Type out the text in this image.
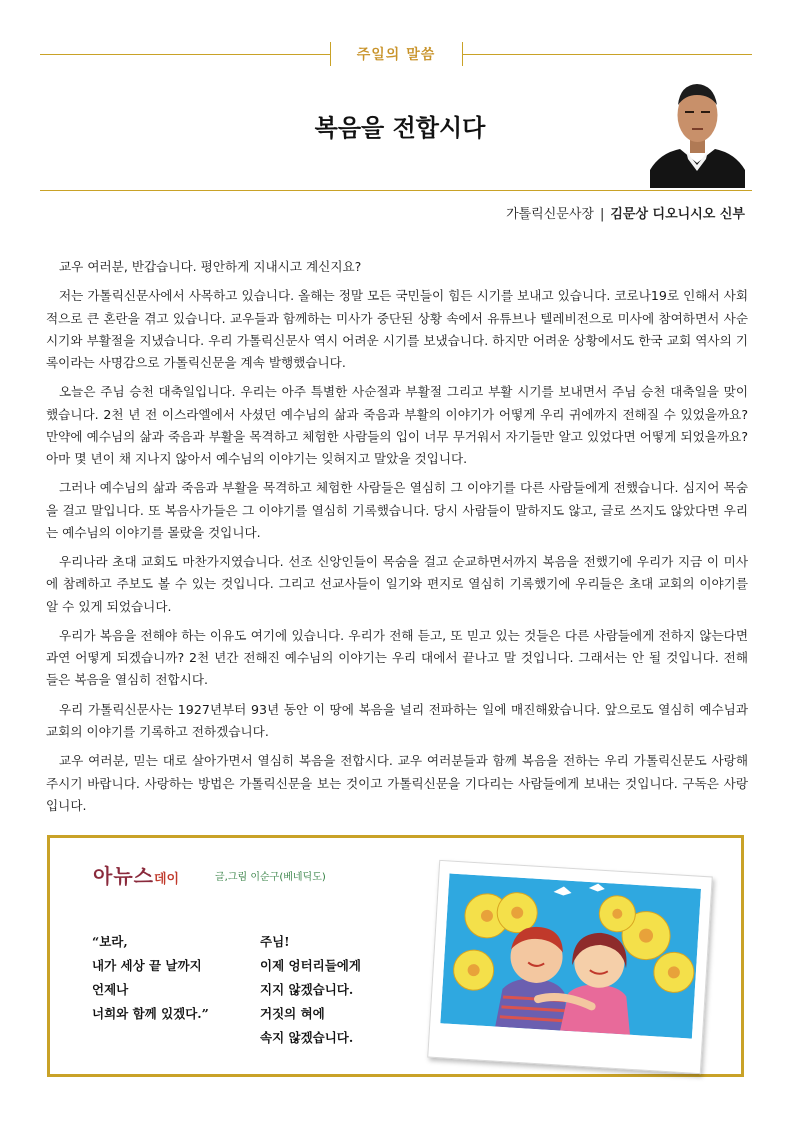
주일의 말씀
복음을 전합시다
가톨릭신문사장 | 김문상 디오니시오 신부

교우 여러분, 반갑습니다. 평안하게 지내시고 계신지요?

저는 가톨릭신문사에서 사목하고 있습니다. 올해는 정말 모든 국민들이 힘든 시기를 보내고 있습니다. 코로나19로 인해서 사회적으로 큰 혼란을 겪고 있습니다. 교우들과 함께하는 미사가 중단된 상황 속에서 유튜브나 텔레비전으로 미사에 참여하면서 사순 시기와 부활절을 지냈습니다. 우리 가톨릭신문사 역시 어려운 시기를 보냈습니다. 하지만 어려운 상황에서도 한국 교회 역사의 기록이라는 사명감으로 가톨릭신문을 계속 발행했습니다.

오늘은 주님 승천 대축일입니다. 우리는 아주 특별한 사순절과 부활절 그리고 부활 시기를 보내면서 주님 승천 대축일을 맞이 했습니다. 2천 년 전 이스라엘에서 사셨던 예수님의 삶과 죽음과 부활의 이야기가 어떻게 우리 귀에까지 전해질 수 있었을까요? 만약에 예수님의 삶과 죽음과 부활을 목격하고 체험한 사람들의 입이 너무 무거워서 자기들만 알고 있었다면 어떻게 되었을까요? 아마 몇 년이 채 지나지 않아서 예수님의 이야기는 잊혀지고 말았을 것입니다.

그러나 예수님의 삶과 죽음과 부활을 목격하고 체험한 사람들은 열심히 그 이야기를 다른 사람들에게 전했습니다. 심지어 목숨을 걸고 말입니다. 또 복음사가들은 그 이야기를 열심히 기록했습니다. 당시 사람들이 말하지도 않고, 글로 쓰지도 않았다면 우리는 예수님의 이야기를 몰랐을 것입니다.

우리나라 초대 교회도 마찬가지였습니다. 선조 신앙인들이 목숨을 걸고 순교하면서까지 복음을 전했기에 우리가 지금 이 미사에 참례하고 주보도 볼 수 있는 것입니다. 그리고 선교사들이 일기와 편지로 열심히 기록했기에 우리들은 초대 교회의 이야기를 알 수 있게 되었습니다.

우리가 복음을 전해야 하는 이유도 여기에 있습니다. 우리가 전해 듣고, 또 믿고 있는 것들은 다른 사람들에게 전하지 않는다면 과연 어떻게 되겠습니까? 2천 년간 전해진 예수님의 이야기는 우리 대에서 끝나고 말 것입니다. 그래서는 안 될 것입니다. 전해 들은 복음을 열심히 전합시다.

우리 가톨릭신문사는 1927년부터 93년 동안 이 땅에 복음을 널리 전파하는 일에 매진해왔습니다. 앞으로도 열심히 예수님과 교회의 이야기를 기록하고 전하겠습니다.

교우 여러분, 믿는 대로 살아가면서 열심히 복음을 전합시다. 교우 여러분들과 함께 복음을 전하는 우리 가톨릭신문도 사랑해 주시기 바랍니다. 사랑하는 방법은 가톨릭신문을 보는 것이고 가톨릭신문을 기다리는 사람들에게 보내는 것입니다. 구독은 사랑입니다.

아뉴스데이	글,그림 이순구(베네딕도)
“보라,
내가 세상 끝 날까지
언제나
너희와 함께 있겠다.”
주님!
이제 엉터리들에게
지지 않겠습니다.
거짓의 혀에
속지 않겠습니다.
